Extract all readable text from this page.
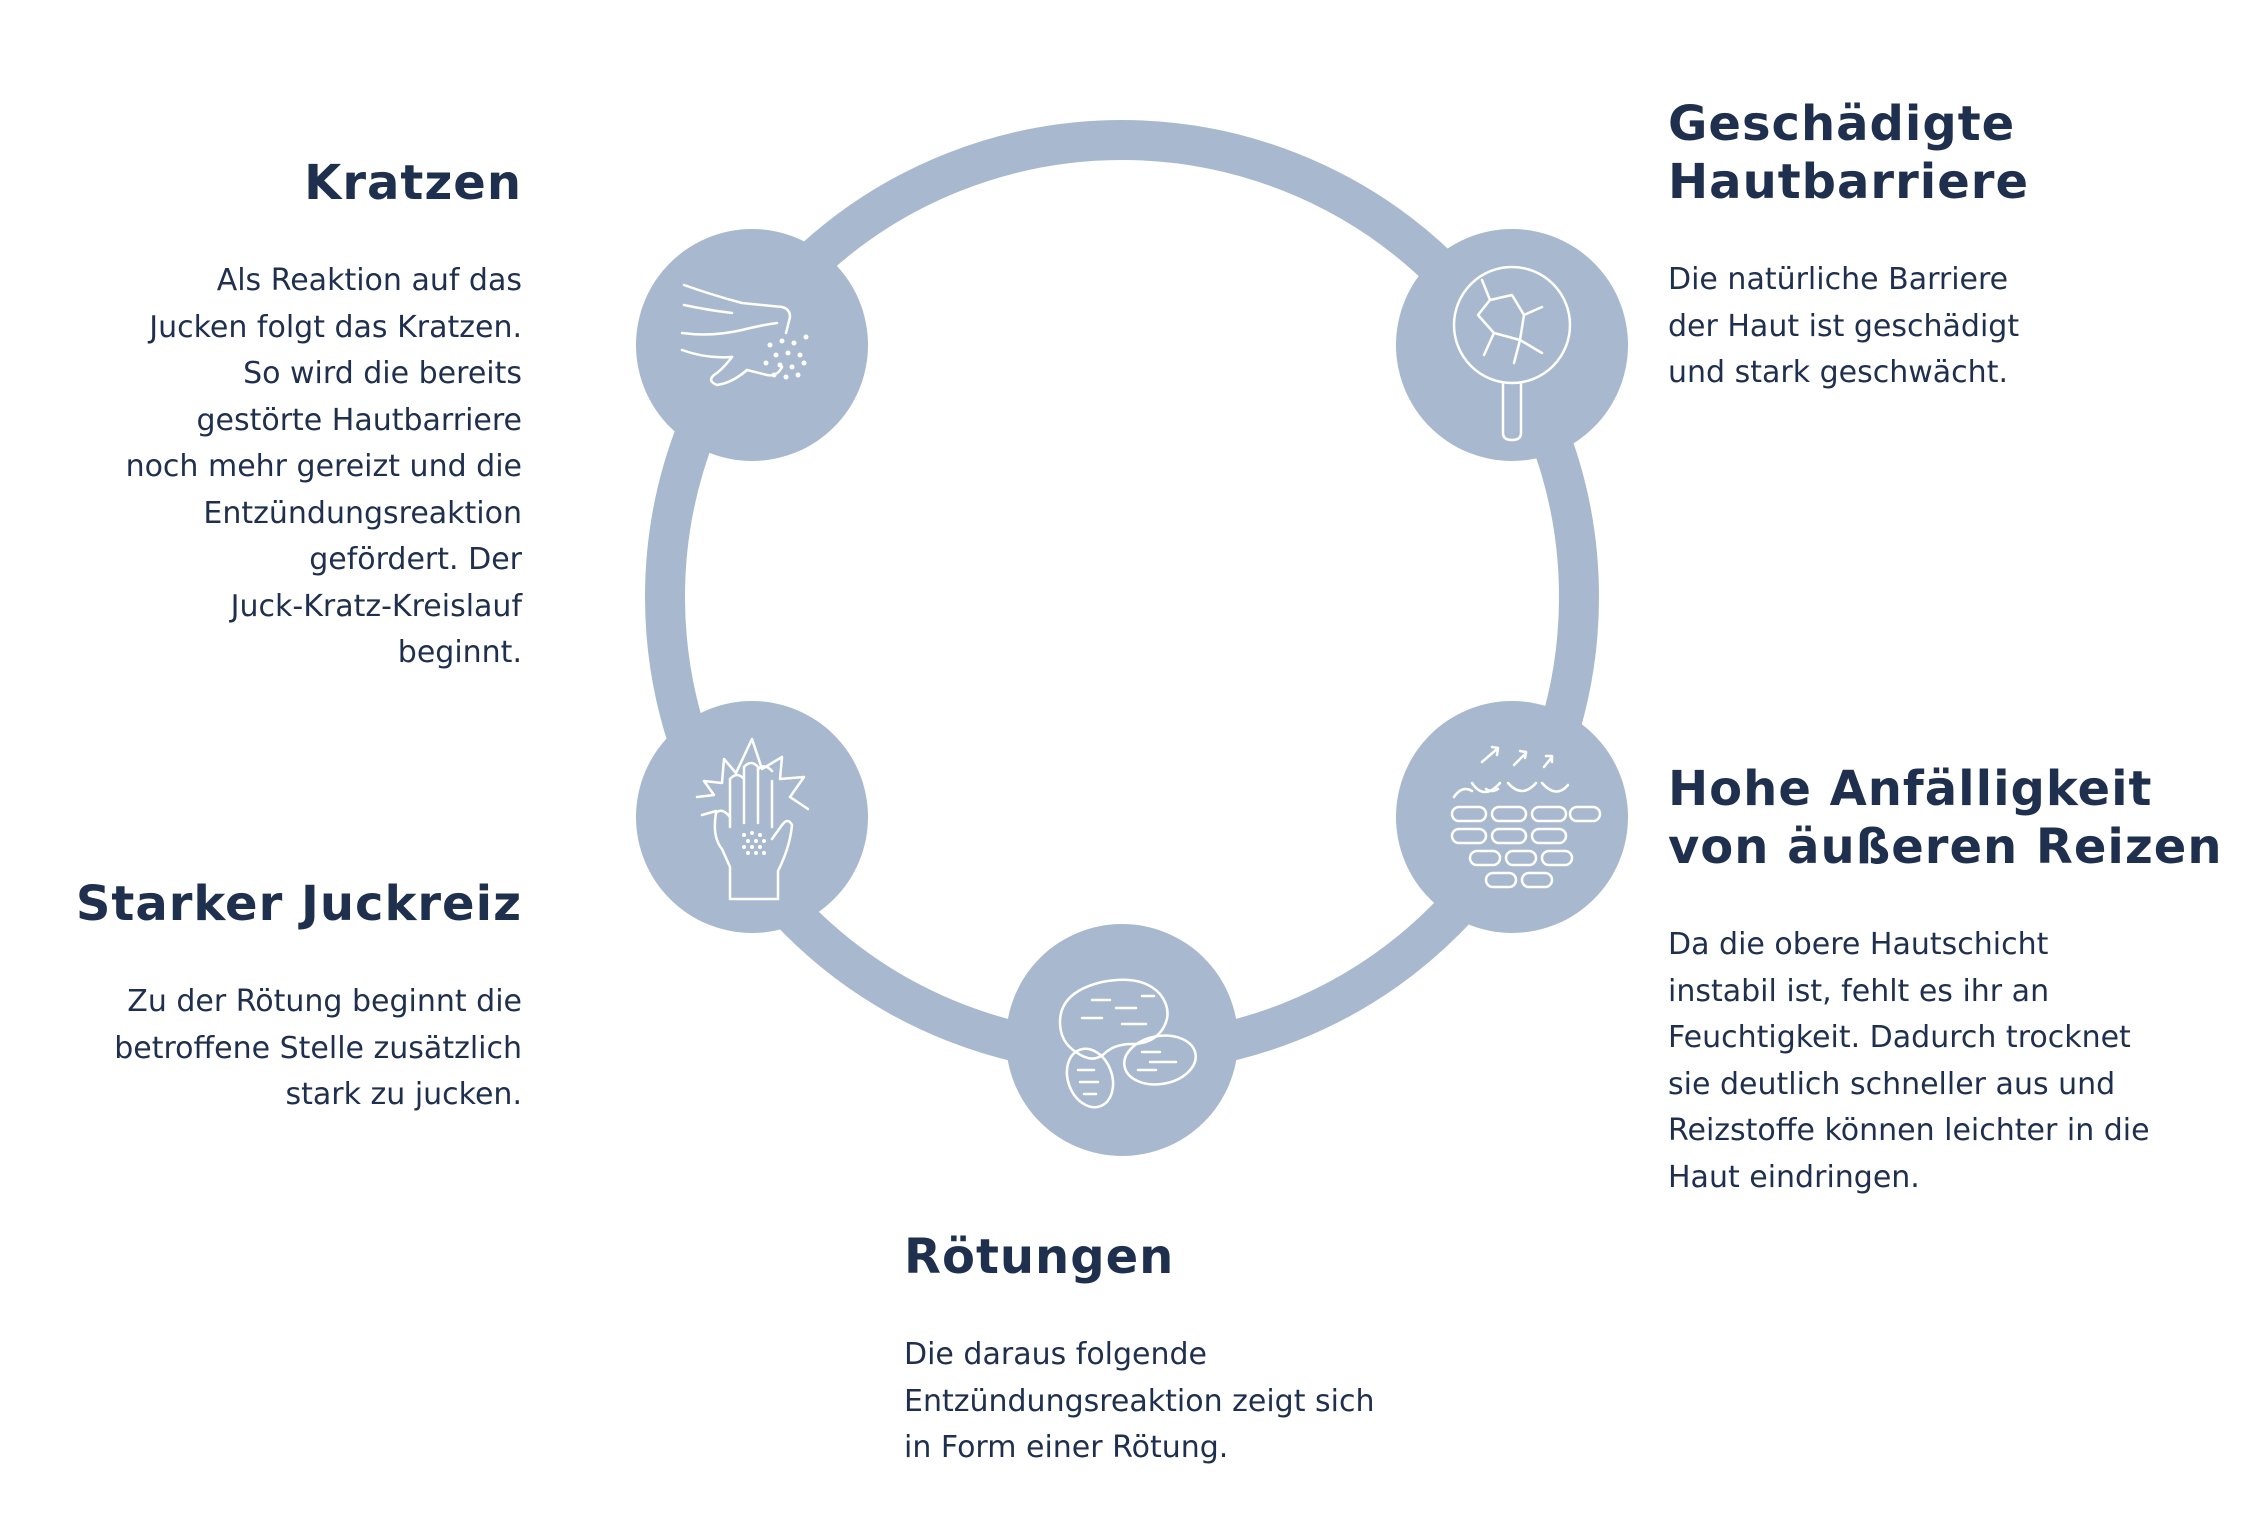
Kratzen

Als Reaktion auf das
Jucken folgt das Kratzen.
So wird die bereits
gestörte Hautbarriere
noch mehr gereizt und die
Entzündungsreaktion
gefördert. Der
Juck-Kratz-Kreislauf
beginnt.

Geschädigte
Hautbarriere

Die natürliche Barriere
der Haut ist geschädigt
und stark geschwächt.

Hohe Anfälligkeit
von äußeren Reizen

Da die obere Hautschicht
instabil ist, fehlt es ihr an
Feuchtigkeit. Dadurch trocknet
sie deutlich schneller aus und
Reizstoffe können leichter in die
Haut eindringen.

Rötungen

Die daraus folgende
Entzündungsreaktion zeigt sich
in Form einer Rötung.

Starker Juckreiz

Zu der Rötung beginnt die
betroffene Stelle zusätzlich
stark zu jucken.
